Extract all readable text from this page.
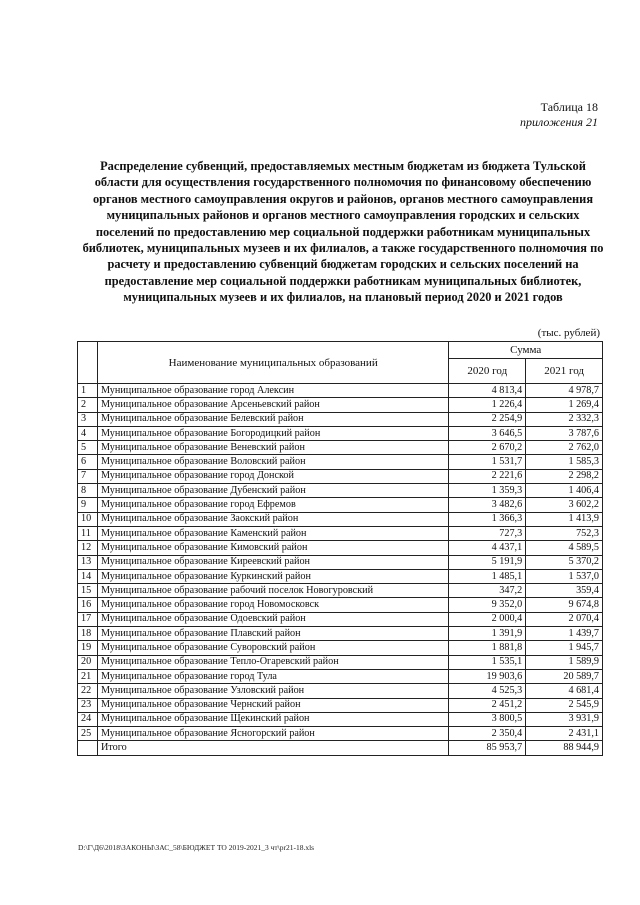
Таблица 18
приложения 21
Распределение субвенций, предоставляемых местным бюджетам из бюджета Тульской области для осуществления государственного полномочия по финансовому обеспечению органов местного самоуправления округов и районов, органов местного самоуправления муниципальных районов и органов местного самоуправления городских и сельских поселений по предоставлению мер социальной поддержки работникам муниципальных библиотек, муниципальных музеев и их филиалов, а также государственного полномочия по расчету и предоставлению субвенций бюджетам городских и сельских поселений на предоставление мер социальной поддержки работникам муниципальных библиотек, муниципальных музеев и их филиалов, на плановый период 2020 и 2021 годов
(тыс. рублей)
	Наименование муниципальных образований	Сумма	
		2020 год	2021 год
1	Муниципальное образование город Алексин	4 813,4	4 978,7
2	Муниципальное образование Арсеньевский район	1 226,4	1 269,4
3	Муниципальное образование Белевский район	2 254,9	2 332,3
4	Муниципальное образование Богородицкий район	3 646,5	3 787,6
5	Муниципальное образование Веневский район	2 670,2	2 762,0
6	Муниципальное образование Воловский район	1 531,7	1 585,3
7	Муниципальное образование город Донской	2 221,6	2 298,2
8	Муниципальное образование Дубенский район	1 359,3	1 406,4
9	Муниципальное образование город Ефремов	3 482,6	3 602,2
10	Муниципальное образование Заокский район	1 366,3	1 413,9
11	Муниципальное образование Каменский район	727,3	752,3
12	Муниципальное образование Кимовский район	4 437,1	4 589,5
13	Муниципальное образование Киреевский район	5 191,9	5 370,2
14	Муниципальное образование Куркинский район	1 485,1	1 537,0
15	Муниципальное образование рабочий поселок Новогуровский	347,2	359,4
16	Муниципальное образование город Новомосковск	9 352,0	9 674,8
17	Муниципальное образование Одоевский район	2 000,4	2 070,4
18	Муниципальное образование Плавский район	1 391,9	1 439,7
19	Муниципальное образование Суворовский район	1 881,8	1 945,7
20	Муниципальное образование Тепло-Огаревский район	1 535,1	1 589,9
21	Муниципальное образование город Тула	19 903,6	20 589,7
22	Муниципальное образование Узловский район	4 525,3	4 681,4
23	Муниципальное образование Чернский район	2 451,2	2 545,9
24	Муниципальное образование Щекинский район	3 800,5	3 931,9
25	Муниципальное образование Ясногорский район	2 350,4	2 431,1
	Итого	85 953,7	88 944,9
D:\Г\Д6\2018\ЗАКОНЫ\ЗАС_58\БЮДЖЕТ ТО 2019-2021_3 чт\pr21-18.xls
